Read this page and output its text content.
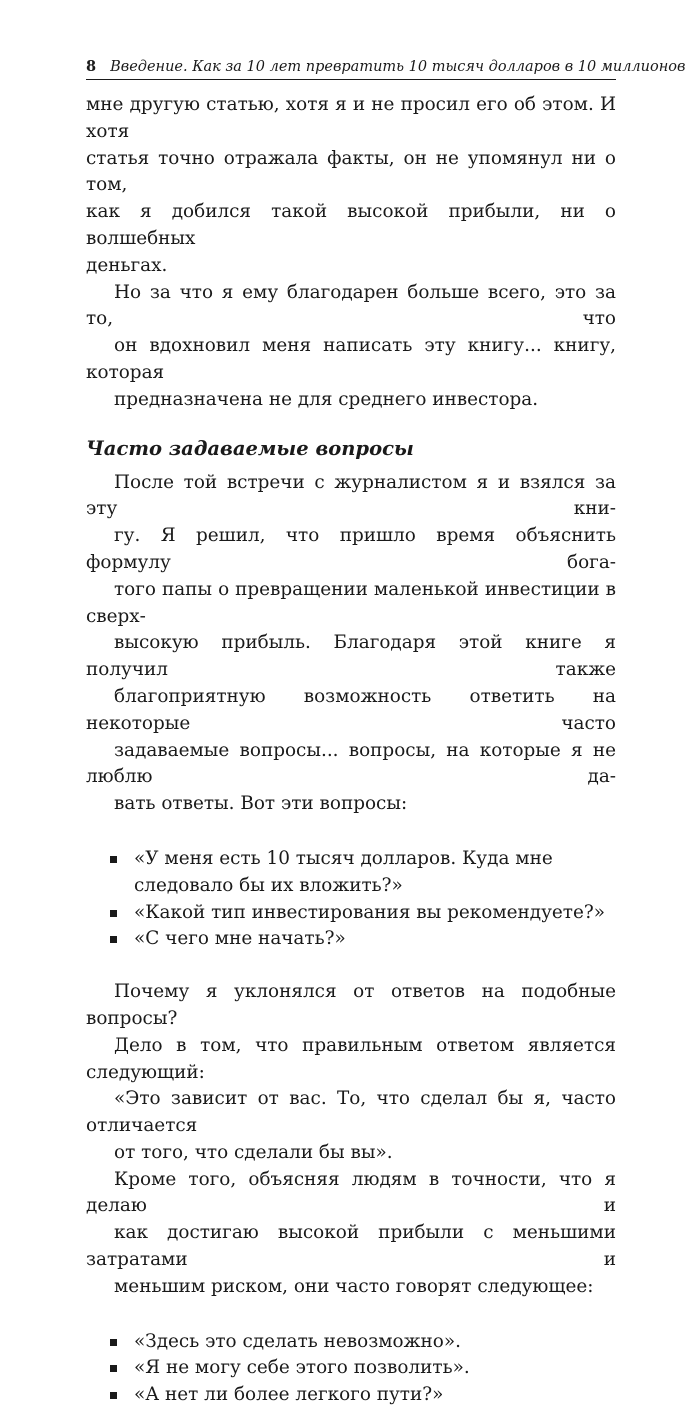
8 Введение. Как за 10 лет превратить 10 тысяч долларов в 10 миллионов

мне другую статью, хотя я и не просил его об этом. И хотя
статья точно отражала факты, он не упомянул ни о том,
как я добился такой высокой прибыли, ни о волшебных
деньгах.

Но за что я ему благодарен больше всего, это за то, что
он вдохновил меня написать эту книгу... книгу, которая
предназначена не для среднего инвестора.

Часто задаваемые вопросы

После той встречи с журналистом я и взялся за эту кни-
гу. Я решил, что пришло время объяснить формулу бога-
того папы о превращении маленькой инвестиции в сверх-
высокую прибыль. Благодаря этой книге я получил также
благоприятную возможность ответить на некоторые часто
задаваемые вопросы... вопросы, на которые я не люблю да-
вать ответы. Вот эти вопросы:

«У меня есть 10 тысяч долларов. Куда мне следовало бы их вложить?»
«Какой тип инвестирования вы рекомендуете?»
«С чего мне начать?»

Почему я уклонялся от ответов на подобные вопросы?
Дело в том, что правильным ответом является следующий:
«Это зависит от вас. То, что сделал бы я, часто отличается
от того, что сделали бы вы».

Кроме того, объясняя людям в точности, что я делаю и
как достигаю высокой прибыли с меньшими затратами и
меньшим риском, они часто говорят следующее:

«Здесь это сделать невозможно».
«Я не могу себе этого позволить».
«А нет ли более легкого пути?»
